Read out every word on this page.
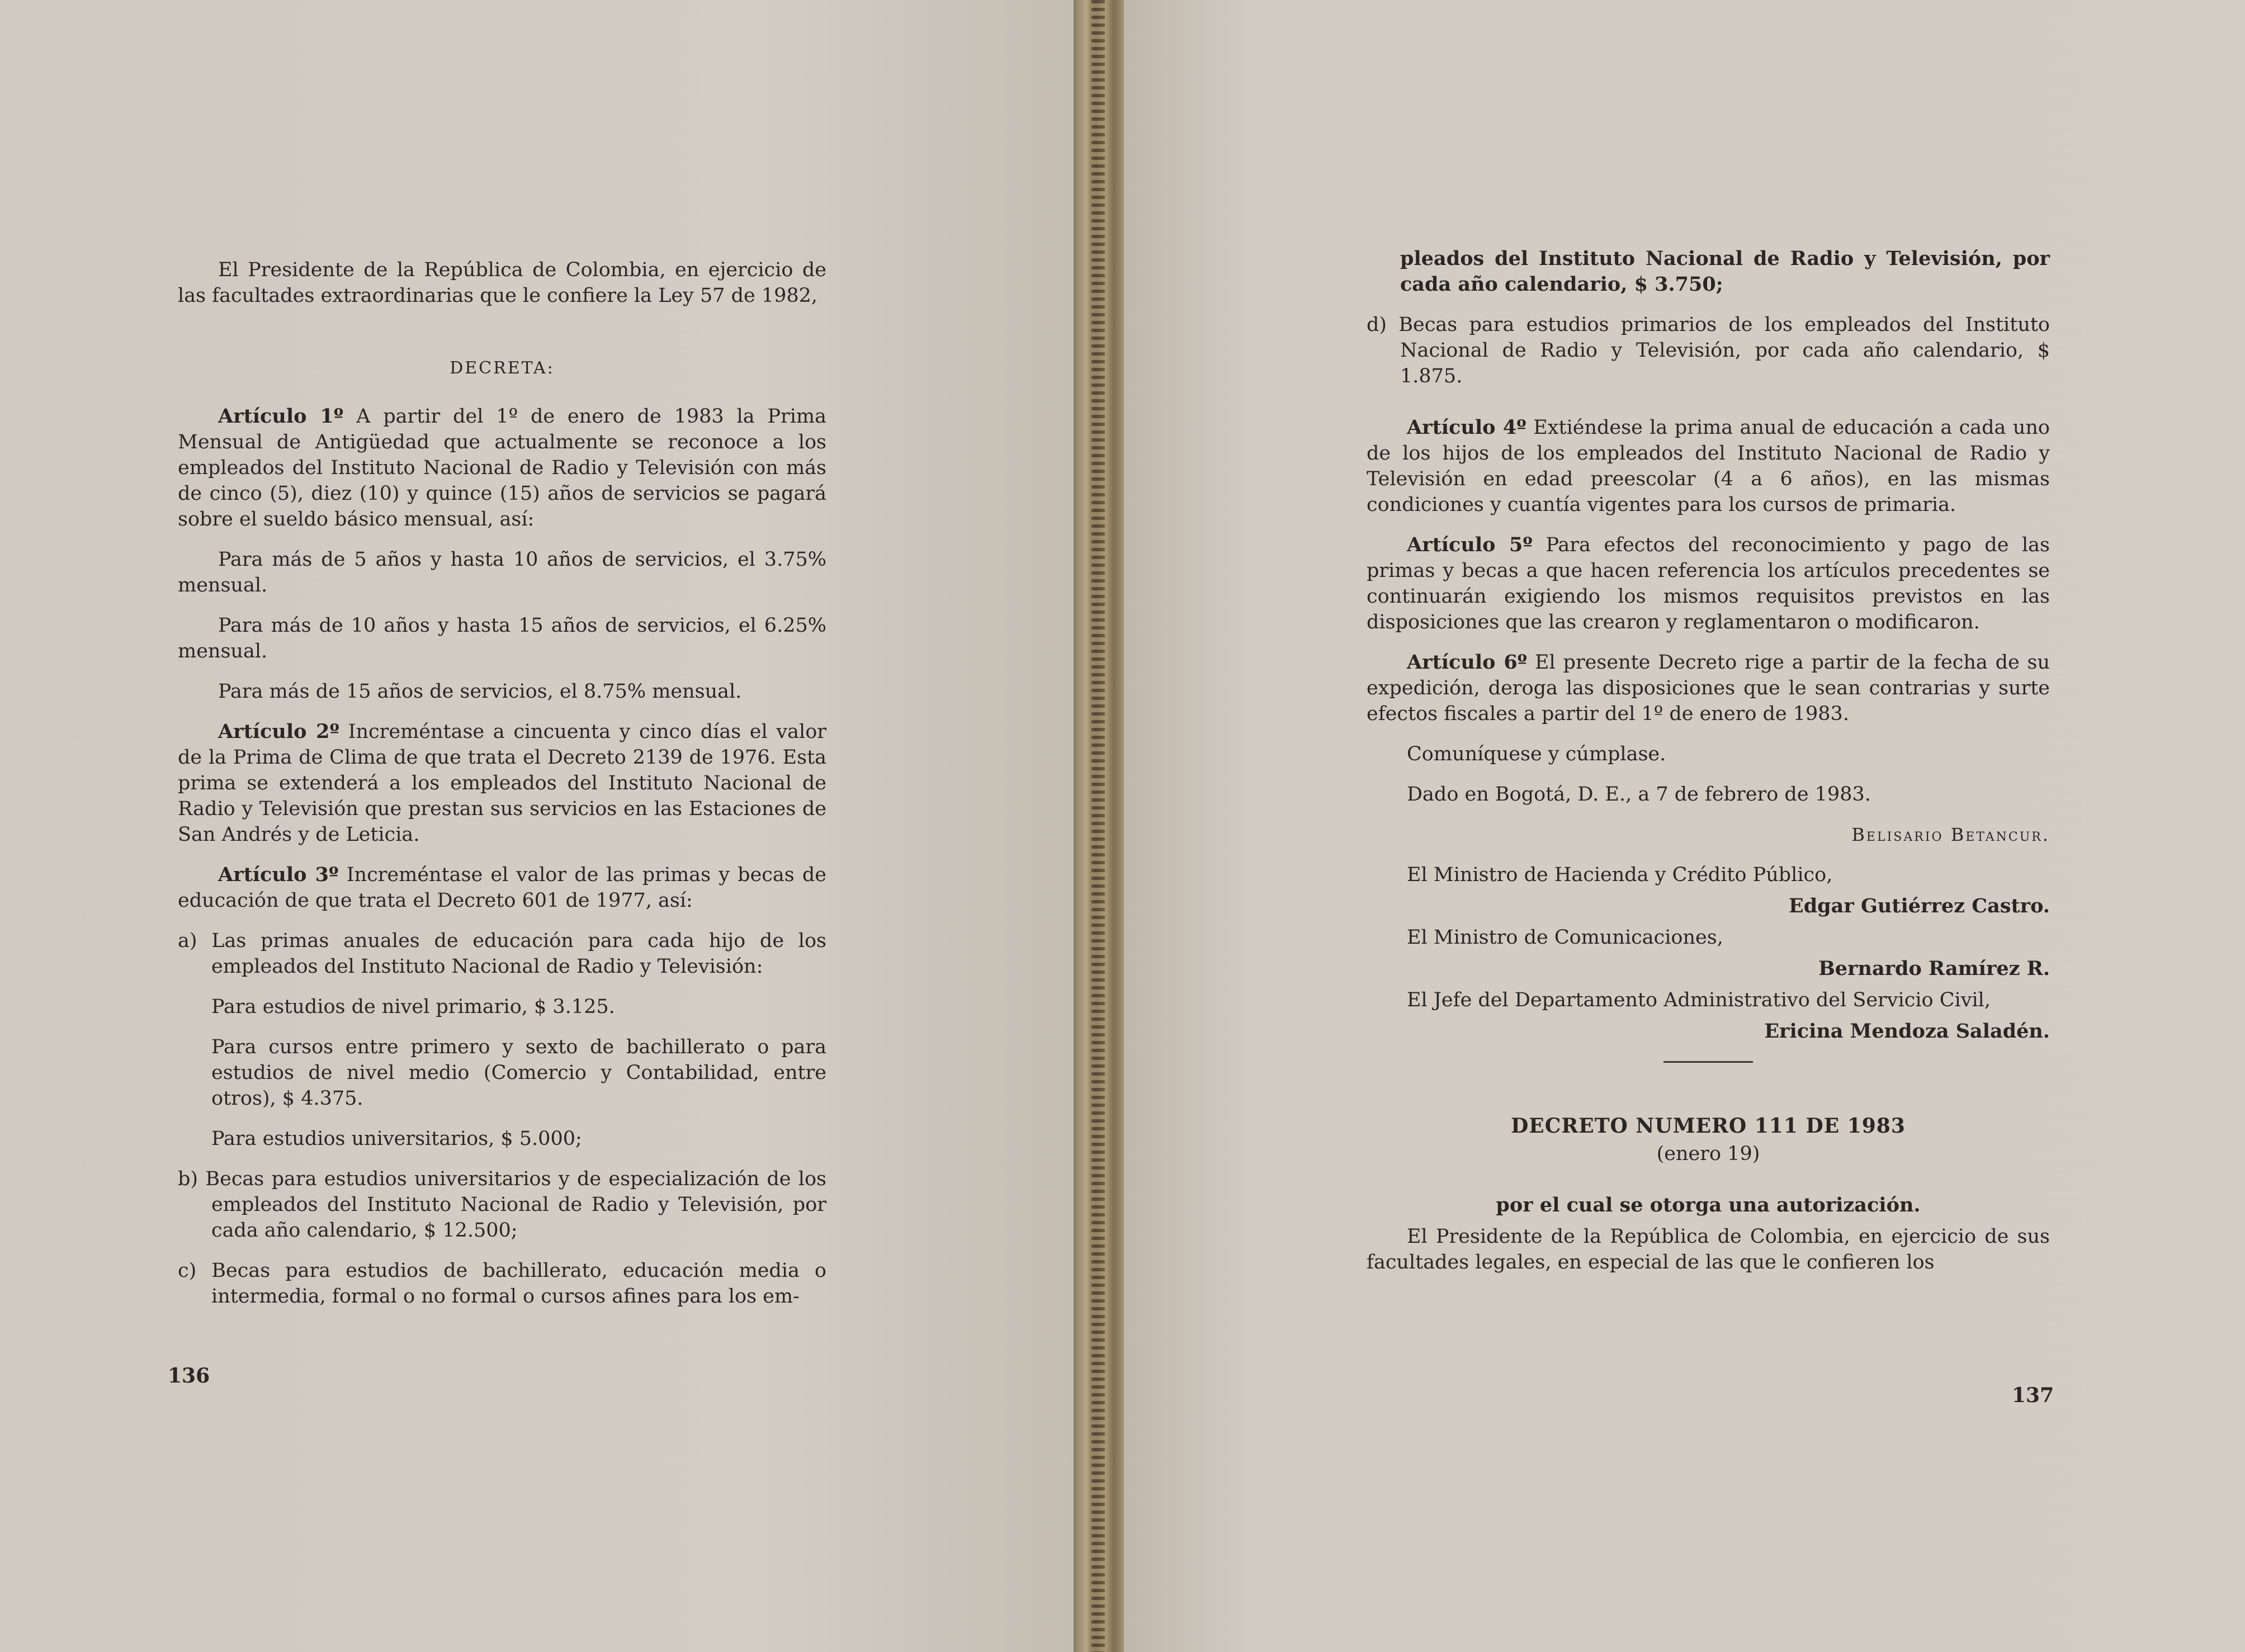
El Presidente de la República de Colombia, en ejercicio de las facultades extraordinarias que le confiere la Ley 57 de 1982,

DECRETA:

Artículo 1º A partir del 1º de enero de 1983 la Prima Mensual de Antigüedad que actualmente se reconoce a los empleados del Instituto Nacional de Radio y Televisión con más de cinco (5), diez (10) y quince (15) años de servicios se pagará sobre el sueldo básico mensual, así:

Para más de 5 años y hasta 10 años de servicios, el 3.75% mensual.

Para más de 10 años y hasta 15 años de servicios, el 6.25% mensual.

Para más de 15 años de servicios, el 8.75% mensual.

Artículo 2º Increméntase a cincuenta y cinco días el valor de la Prima de Clima de que trata el Decreto 2139 de 1976. Esta prima se extenderá a los empleados del Instituto Nacional de Radio y Televisión que prestan sus servicios en las Estaciones de San Andrés y de Leticia.

Artículo 3º Increméntase el valor de las primas y becas de educación de que trata el Decreto 601 de 1977, así:

a) Las primas anuales de educación para cada hijo de los empleados del Instituto Nacional de Radio y Televisión:

Para estudios de nivel primario, $ 3.125.

Para cursos entre primero y sexto de bachillerato o para estudios de nivel medio (Comercio y Contabilidad, entre otros), $ 4.375.

Para estudios universitarios, $ 5.000;

b) Becas para estudios universitarios y de especialización de los empleados del Instituto Nacional de Radio y Televisión, por cada año calendario, $ 12.500;

c) Becas para estudios de bachillerato, educación media o intermedia, formal o no formal o cursos afines para los em-

136

pleados del Instituto Nacional de Radio y Televisión, por cada año calendario, $ 3.750;

d) Becas para estudios primarios de los empleados del Instituto Nacional de Radio y Televisión, por cada año calendario, $ 1.875.

Artículo 4º Extiéndese la prima anual de educación a cada uno de los hijos de los empleados del Instituto Nacional de Radio y Televisión en edad preescolar (4 a 6 años), en las mismas condiciones y cuantía vigentes para los cursos de primaria.

Artículo 5º Para efectos del reconocimiento y pago de las primas y becas a que hacen referencia los artículos precedentes se continuarán exigiendo los mismos requisitos previstos en las disposiciones que las crearon y reglamentaron o modificaron.

Artículo 6º El presente Decreto rige a partir de la fecha de su expedición, deroga las disposiciones que le sean contrarias y surte efectos fiscales a partir del 1º de enero de 1983.

Comuníquese y cúmplase.

Dado en Bogotá, D. E., a 7 de febrero de 1983.

Belisario Betancur.

El Ministro de Hacienda y Crédito Público,

Edgar Gutiérrez Castro.

El Ministro de Comunicaciones,

Bernardo Ramírez R.

El Jefe del Departamento Administrativo del Servicio Civil,

Ericina Mendoza Saladén.

DECRETO NUMERO 111 DE 1983

(enero 19)

por el cual se otorga una autorización.

El Presidente de la República de Colombia, en ejercicio de sus facultades legales, en especial de las que le confieren los

137
